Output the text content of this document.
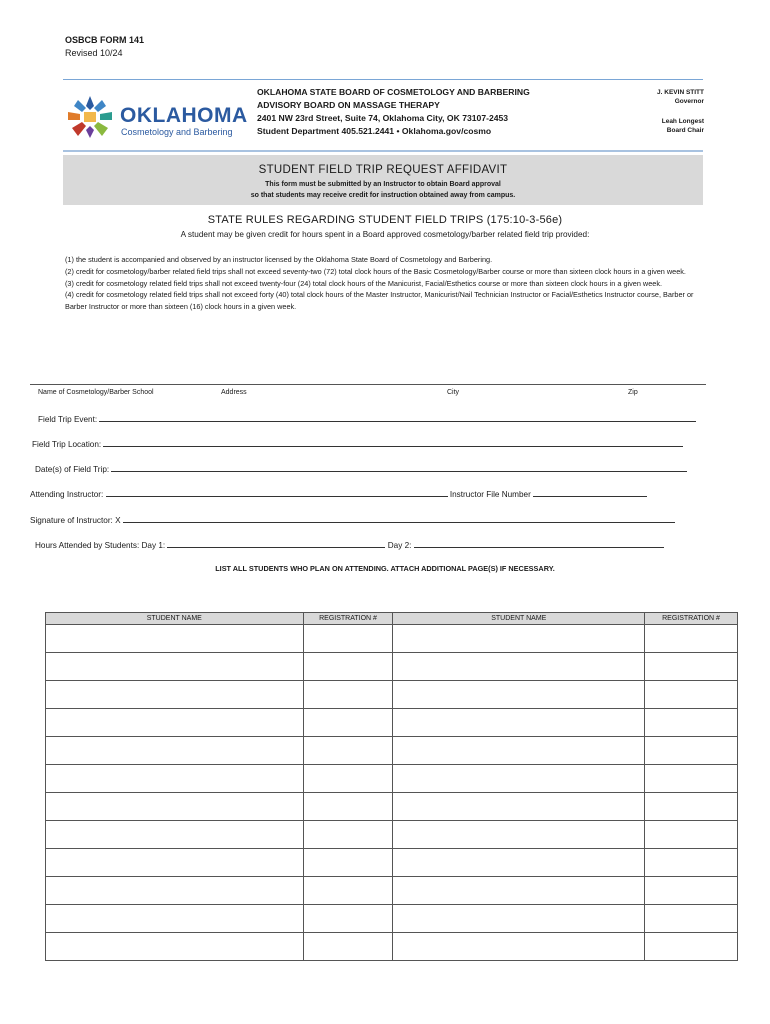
OSBCB FORM 141
Revised 10/24
OKLAHOMA
Cosmetology and Barbering
OKLAHOMA STATE BOARD OF COSMETOLOGY AND BARBERING
ADVISORY BOARD ON MASSAGE THERAPY
2401 NW 23rd Street, Suite 74, Oklahoma City, OK 73107-2453
Student Department 405.521.2441 • Oklahoma.gov/cosmo
J. KEVIN STITT
Governor
Leah Longest
Board Chair
STUDENT FIELD TRIP REQUEST AFFIDAVIT
This form must be submitted by an Instructor to obtain Board approval
so that students may receive credit for instruction obtained away from campus.
STATE RULES REGARDING STUDENT FIELD TRIPS (175:10-3-56e)
A student may be given credit for hours spent in a Board approved cosmetology/barber related field trip provided:

(1) the student is accompanied and observed by an instructor licensed by the Oklahoma State Board of Cosmetology and Barbering.

(2) credit for cosmetology/barber related field trips shall not exceed seventy-two (72) total clock hours of the Basic Cosmetology/Barber course or more than sixteen clock hours in a given week.

(3) credit for cosmetology related field trips shall not exceed twenty-four (24) total clock hours of the Manicurist, Facial/Esthetics course or more than sixteen clock hours in a given week.

(4) credit for cosmetology related field trips shall not exceed forty (40) total clock hours of the Master Instructor, Manicurist/Nail Technician Instructor or Facial/Esthetics Instructor course, Barber or Barber Instructor or more than sixteen (16) clock hours in a given week.

Name of Cosmetology/Barber School	Address	City	Zip
Field Trip Event:
Field Trip Location:
Date(s) of Field Trip:
Attending Instructor:	Instructor File Number
Signature of Instructor: X
Hours Attended by Students: Day 1:	Day 2:
LIST ALL STUDENTS WHO PLAN ON ATTENDING. ATTACH ADDITIONAL PAGE(S) IF NECESSARY.
STUDENT NAME	REGISTRATION #	STUDENT NAME	REGISTRATION #
